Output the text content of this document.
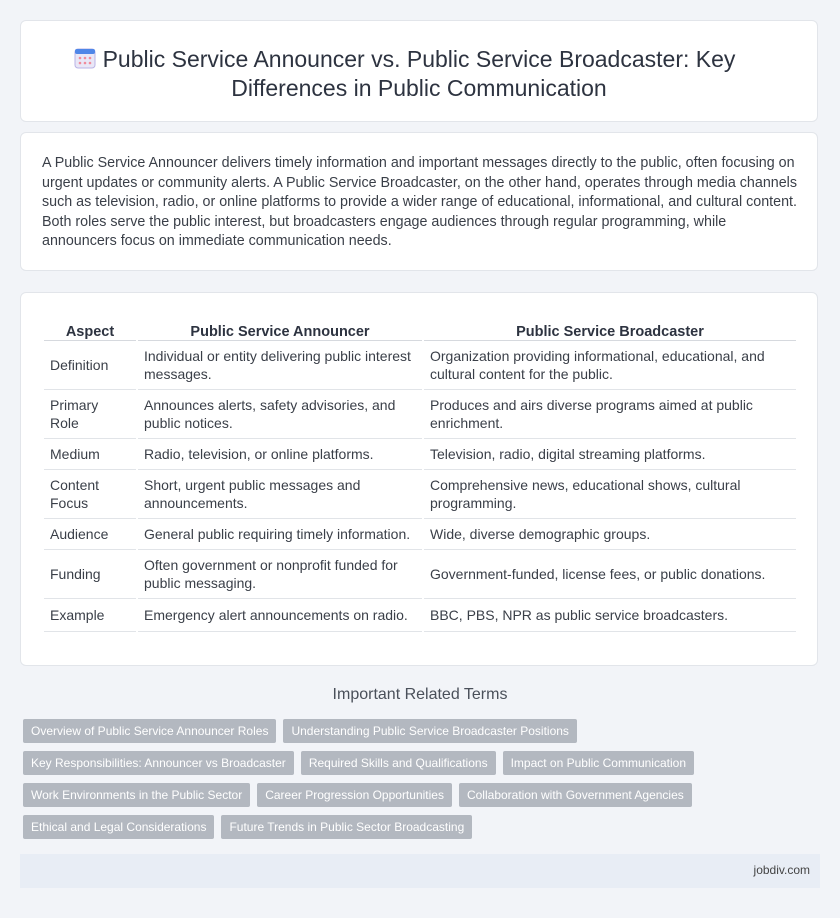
Public Service Announcer vs. Public Service Broadcaster: Key Differences in Public Communication

A Public Service Announcer delivers timely information and important messages directly to the public, often focusing on urgent updates or community alerts. A Public Service Broadcaster, on the other hand, operates through media channels such as television, radio, or online platforms to provide a wider range of educational, informational, and cultural content. Both roles serve the public interest, but broadcasters engage audiences through regular programming, while announcers focus on immediate communication needs.

Aspect	Public Service Announcer	Public Service Broadcaster
Definition	Individual or entity delivering public interest messages.	Organization providing informational, educational, and cultural content for the public.
Primary Role	Announces alerts, safety advisories, and public notices.	Produces and airs diverse programs aimed at public enrichment.
Medium	Radio, television, or online platforms.	Television, radio, digital streaming platforms.
Content Focus	Short, urgent public messages and announcements.	Comprehensive news, educational shows, cultural programming.
Audience	General public requiring timely information.	Wide, diverse demographic groups.
Funding	Often government or nonprofit funded for public messaging.	Government-funded, license fees, or public donations.
Example	Emergency alert announcements on radio.	BBC, PBS, NPR as public service broadcasters.
Important Related Terms
Overview of Public Service Announcer Roles	Understanding Public Service Broadcaster Positions
Key Responsibilities: Announcer vs Broadcaster	Required Skills and Qualifications	Impact on Public Communication
Work Environments in the Public Sector	Career Progression Opportunities	Collaboration with Government Agencies
Ethical and Legal Considerations	Future Trends in Public Sector Broadcasting
jobdiv.com
